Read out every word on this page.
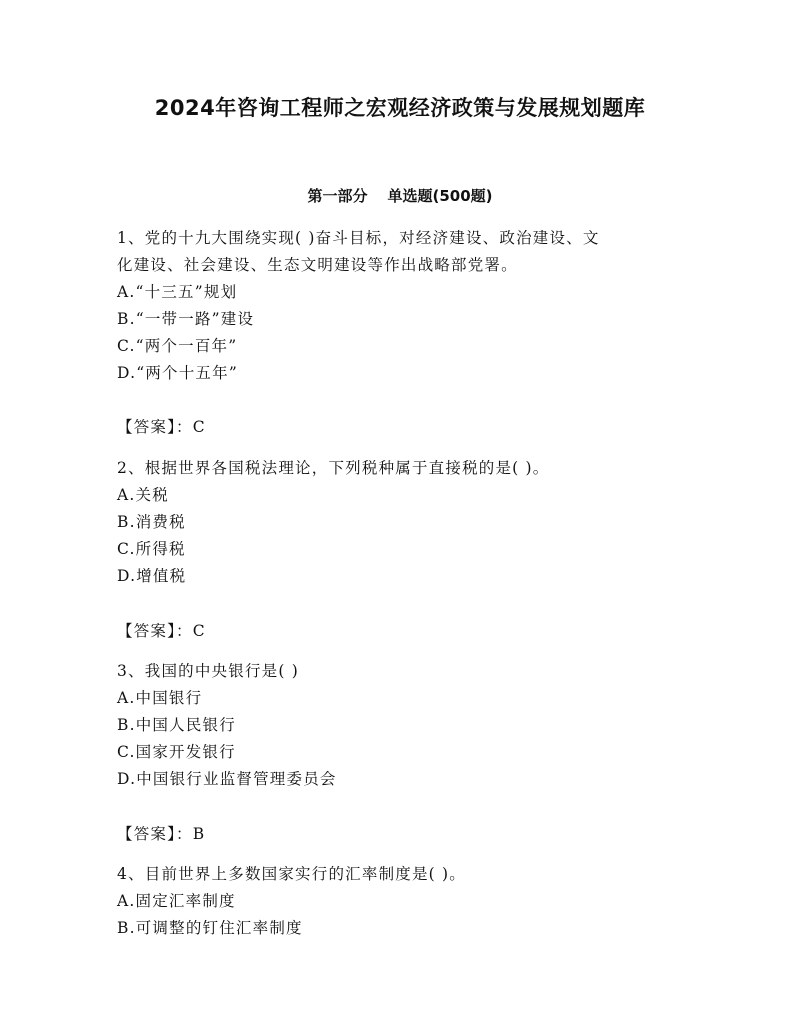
2024年咨询工程师之宏观经济政策与发展规划题库
第一部分 单选题(500题)
1、党的十九大围绕实现( )奋斗目标，对经济建设、政治建设、文
化建设、社会建设、生态文明建设等作出战略部党署。
A.“十三五”规划
B.“一带一路”建设
C.“两个一百年”
D.“两个十五年”
【答案】：C
2、根据世界各国税法理论，下列税种属于直接税的是( )。
A.关税
B.消费税
C.所得税
D.增值税
【答案】：C
3、我国的中央银行是( )
A.中国银行
B.中国人民银行
C.国家开发银行
D.中国银行业监督管理委员会
【答案】：B
4、目前世界上多数国家实行的汇率制度是( )。
A.固定汇率制度
B.可调整的钉住汇率制度
